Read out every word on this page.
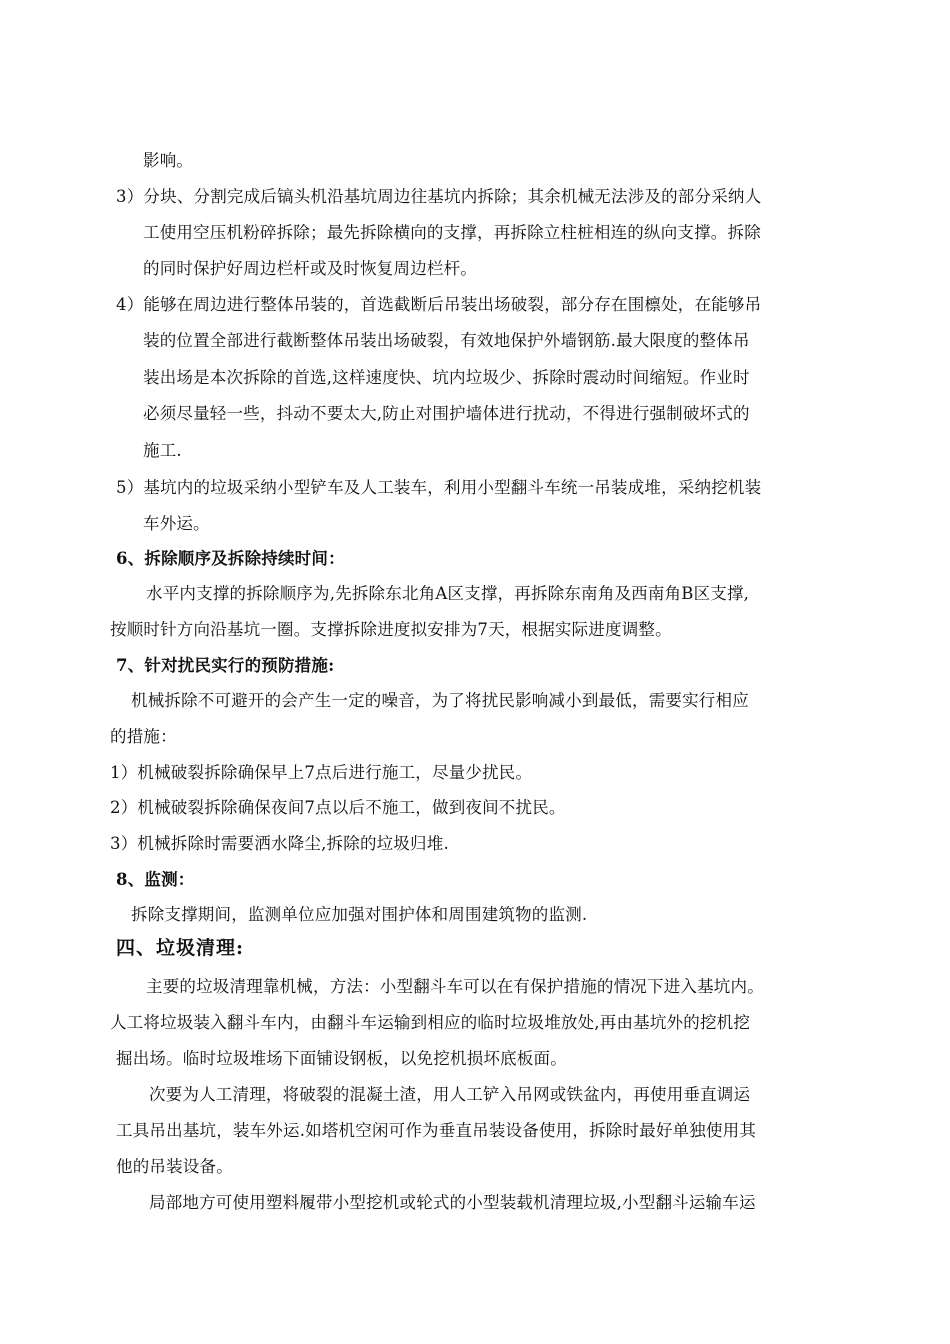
影响。
3）分块、分割完成后镐头机沿基坑周边往基坑内拆除；其余机械无法涉及的部分采纳人
工使用空压机粉碎拆除；最先拆除横向的支撑，再拆除立柱桩相连的纵向支撑。拆除
的同时保护好周边栏杆或及时恢复周边栏杆。
4）能够在周边进行整体吊装的，首选截断后吊装出场破裂，部分存在围檩处，在能够吊
装的位置全部进行截断整体吊装出场破裂，有效地保护外墙钢筋.最大限度的整体吊
装出场是本次拆除的首选,这样速度快、坑内垃圾少、拆除时震动时间缩短。作业时
必须尽量轻一些，抖动不要太大,防止对围护墙体进行扰动，不得进行强制破坏式的
施工.
5）基坑内的垃圾采纳小型铲车及人工装车，利用小型翻斗车统一吊装成堆，采纳挖机装
车外运。
6、拆除顺序及拆除持续时间：
水平内支撑的拆除顺序为,先拆除东北角A区支撑，再拆除东南角及西南角B区支撑,
按顺时针方向沿基坑一圈。支撑拆除进度拟安排为7天，根据实际进度调整。
7、针对扰民实行的预防措施:
机械拆除不可避开的会产生一定的噪音，为了将扰民影响减小到最低，需要实行相应
的措施：
1）机械破裂拆除确保早上7点后进行施工，尽量少扰民。
2）机械破裂拆除确保夜间7点以后不施工，做到夜间不扰民。
3）机械拆除时需要洒水降尘,拆除的垃圾归堆.
8、监测：
拆除支撑期间，监测单位应加强对围护体和周围建筑物的监测.
四、垃圾清理:
主要的垃圾清理靠机械，方法：小型翻斗车可以在有保护措施的情况下进入基坑内。
人工将垃圾装入翻斗车内，由翻斗车运输到相应的临时垃圾堆放处,再由基坑外的挖机挖
掘出场。临时垃圾堆场下面铺设钢板，以免挖机损坏底板面。
次要为人工清理，将破裂的混凝土渣，用人工铲入吊网或铁盆内，再使用垂直调运
工具吊出基坑，装车外运.如塔机空闲可作为垂直吊装设备使用，拆除时最好单独使用其
他的吊装设备。
局部地方可使用塑料履带小型挖机或轮式的小型装载机清理垃圾,小型翻斗运输车运
